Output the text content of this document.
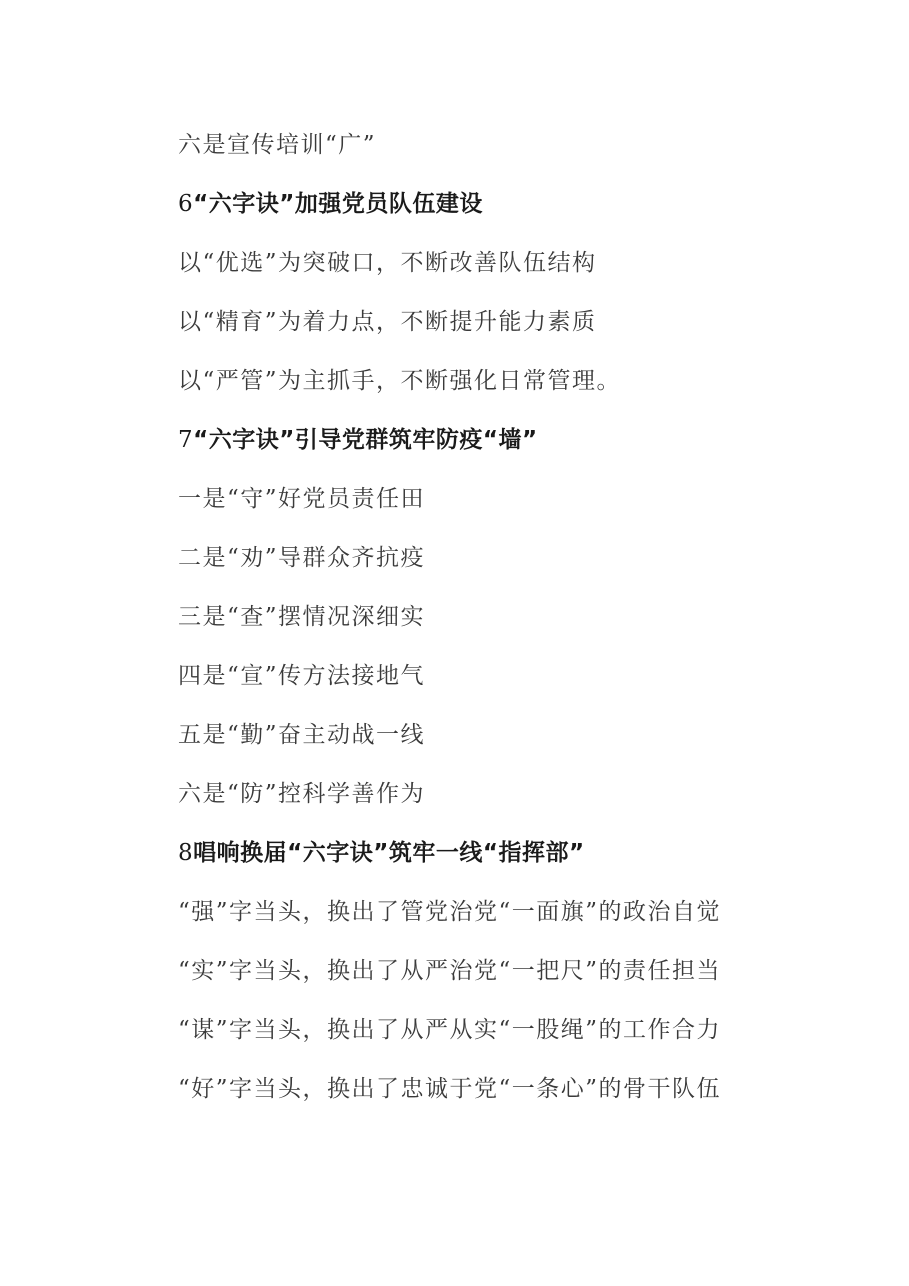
六是宣传培训“广”
6“六字诀”加强党员队伍建设
以“优选”为突破口，不断改善队伍结构
以“精育”为着力点，不断提升能力素质
以“严管”为主抓手，不断强化日常管理。
7“六字诀”引导党群筑牢防疫“墙”
一是“守”好党员责任田
二是“劝”导群众齐抗疫
三是“查”摆情况深细实
四是“宣”传方法接地气
五是“勤”奋主动战一线
六是“防”控科学善作为
8唱响换届“六字诀”筑牢一线“指挥部”
“强”字当头，换出了管党治党“一面旗”的政治自觉
“实”字当头，换出了从严治党“一把尺”的责任担当
“谋”字当头，换出了从严从实“一股绳”的工作合力
“好”字当头，换出了忠诚于党“一条心”的骨干队伍
